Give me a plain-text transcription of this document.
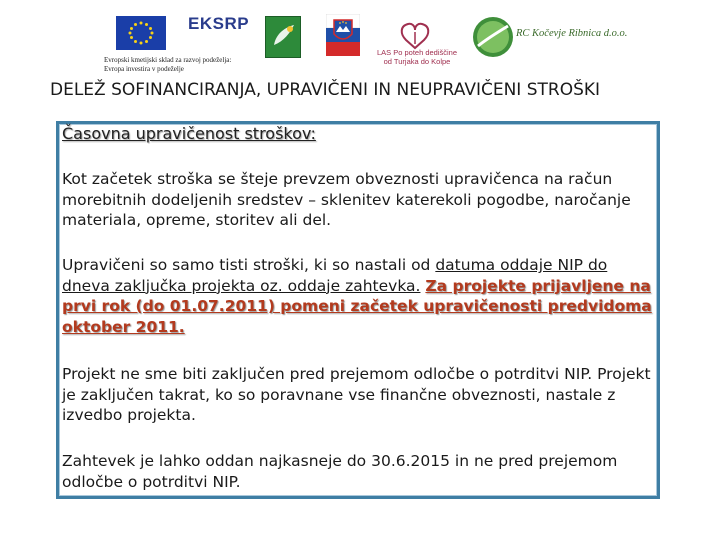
EKSRP
Evropski kmetijski sklad za razvoj podeželja:
Evropa investira v podeželje
LAS Po poteh dediščine
od Turjaka do Kolpe
RC Kočevje Ribnica d.o.o.
DELEŽ SOFINANCIRANJA, UPRAVIČENI IN NEUPRAVIČENI STROŠKI
Časovna upravičenost stroškov:

Kot začetek stroška se šteje prevzem obveznosti upravičenca na račun morebitnih dodeljenih sredstev – sklenitev katerekoli pogodbe, naročanje materiala, opreme, storitev ali del.

Upravičeni so samo tisti stroški, ki so nastali od datuma oddaje NIP do dneva zaključka projekta oz. oddaje zahtevka. Za projekte prijavljene na prvi rok (do 01.07.2011) pomeni začetek upravičenosti predvidoma oktober 2011.

Projekt ne sme biti zaključen pred prejemom odločbe o potrditvi NIP. Projekt je zaključen takrat, ko so poravnane vse finančne obveznosti, nastale z izvedbo projekta.

Zahtevek je lahko oddan najkasneje do 30.6.2015 in ne pred prejemom odločbe o potrditvi NIP.
